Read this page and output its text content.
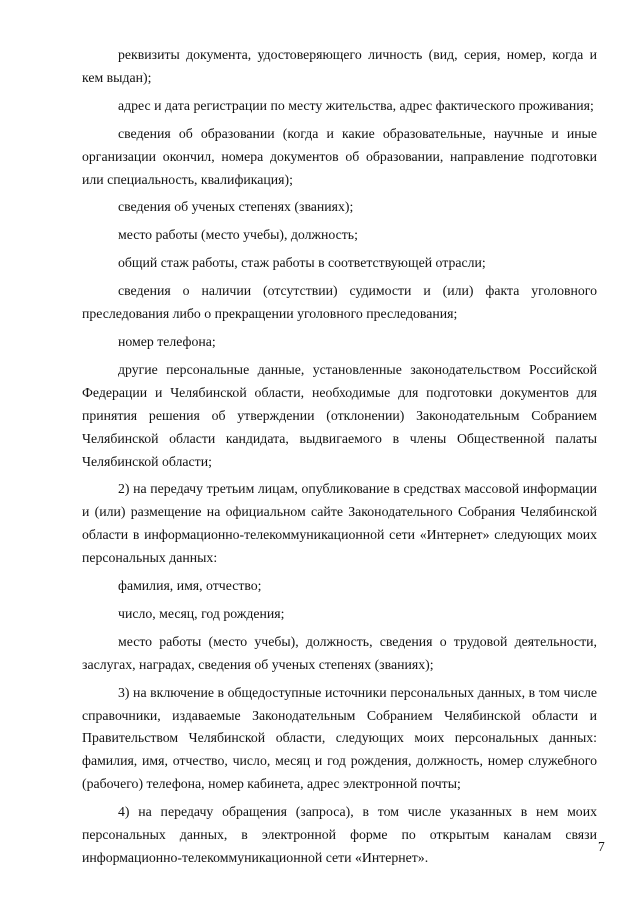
реквизиты документа, удостоверяющего личность (вид, серия, номер, когда и кем выдан);

адрес и дата регистрации по месту жительства, адрес фактического проживания;

сведения об образовании (когда и какие образовательные, научные и иные организации окончил, номера документов об образовании, направление подготовки или специальность, квалификация);

сведения об ученых степенях (званиях);

место работы (место учебы), должность;

общий стаж работы, стаж работы в соответствующей отрасли;

сведения о наличии (отсутствии) судимости и (или) факта уголовного преследования либо о прекращении уголовного преследования;

номер телефона;

другие персональные данные, установленные законодательством Российской Федерации и Челябинской области, необходимые для подготовки документов для принятия решения об утверждении (отклонении) Законодательным Собранием Челябинской области кандидата, выдвигаемого в члены Общественной палаты Челябинской области;

2) на передачу третьим лицам, опубликование в средствах массовой информации и (или) размещение на официальном сайте Законодательного Собрания Челябинской области в информационно-телекоммуникационной сети «Интернет» следующих моих персональных данных:

фамилия, имя, отчество;

число, месяц, год рождения;

место работы (место учебы), должность, сведения о трудовой деятельности, заслугах, наградах, сведения об ученых степенях (званиях);

3) на включение в общедоступные источники персональных данных, в том числе справочники, издаваемые Законодательным Собранием Челябинской области и Правительством Челябинской области, следующих моих персональных данных: фамилия, имя, отчество, число, месяц и год рождения, должность, номер служебного (рабочего) телефона, номер кабинета, адрес электронной почты;

4) на передачу обращения (запроса), в том числе указанных в нем моих персональных данных, в электронной форме по открытым каналам связи информационно-телекоммуникационной сети «Интернет».

7
